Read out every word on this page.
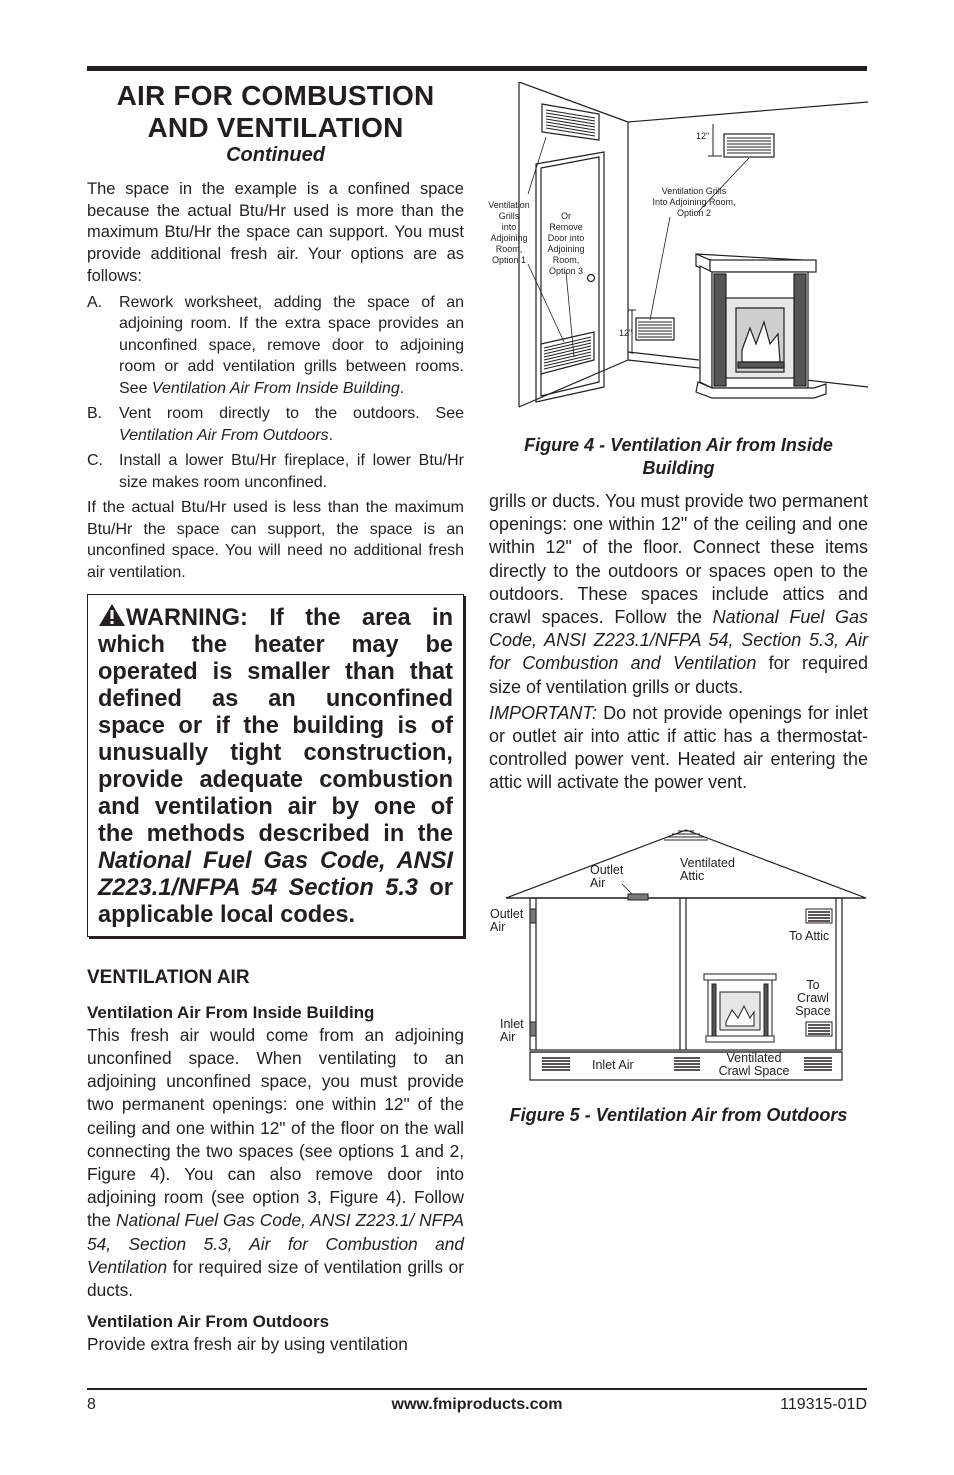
AIR FOR COMBUSTION
AND VENTILATION
Continued

The space in the example is a confined space because the actual Btu/Hr used is more than the maximum Btu/Hr the space can support. You must provide additional fresh air. Your options are as follows:

A.	Rework worksheet, adding the space of an adjoining room. If the extra space provides an unconfined space, remove door to adjoining room or add ventilation grills between rooms. See Ventilation Air From Inside Building.
B.	Vent room directly to the outdoors. See Ventilation Air From Outdoors.
C.	Install a lower Btu/Hr fireplace, if lower Btu/Hr size makes room unconfined.

If the actual Btu/Hr used is less than the maximum Btu/Hr the space can support, the space is an unconfined space. You will need no additional fresh air ventilation.

WARNING: If the area in which the heater may be operated is smaller than that defined as an unconfined space or if the building is of unusually tight construction, provide adequate combustion and ventilation air by one of the methods described in the National Fuel Gas Code, ANSI Z223.1/NFPA 54 Section 5.3 or applicable local codes.

VENTILATION AIR
Ventilation Air From Inside Building

This fresh air would come from an adjoining unconfined space. When ventilating to an adjoining unconfined space, you must provide two permanent openings: one within 12" of the ceiling and one within 12" of the floor on the wall connecting the two spaces (see options 1 and 2, Figure 4). You can also remove door into adjoining room (see option 3, Figure 4). Follow the National Fuel Gas Code, ANSI Z223.1/ NFPA 54, Section 5.3, Air for Combustion and Ventilation for required size of ventilation grills or ducts.

Ventilation Air From Outdoors

Provide extra fresh air by using ventilation

Ventilation
Grills
into
Adjoining
Room,
Option 1
Or
Remove
Door into
Adjoining
Room,
Option 3
Ventilation Grills
Into Adjoining Room,
Option 2
12"
12"

Figure 4 - Ventilation Air from Inside Building

grills or ducts. You must provide two permanent openings: one within 12" of the ceiling and one within 12" of the floor. Connect these items directly to the outdoors or spaces open to the outdoors. These spaces include attics and crawl spaces. Follow the National Fuel Gas Code, ANSI Z223.1/NFPA 54, Section 5.3, Air for Combustion and Ventilation for required size of ventilation grills or ducts.

IMPORTANT: Do not provide openings for inlet or outlet air into attic if attic has a thermostat-controlled power vent. Heated air entering the attic will activate the power vent.

Outlet
Air
Ventilated
Attic
Outlet
Air
To Attic
To
Crawl
Space
Inlet
Air
Inlet Air	Ventilated
Crawl Space

Figure 5 - Ventilation Air from Outdoors

8	www.fmiproducts.com	119315-01D
